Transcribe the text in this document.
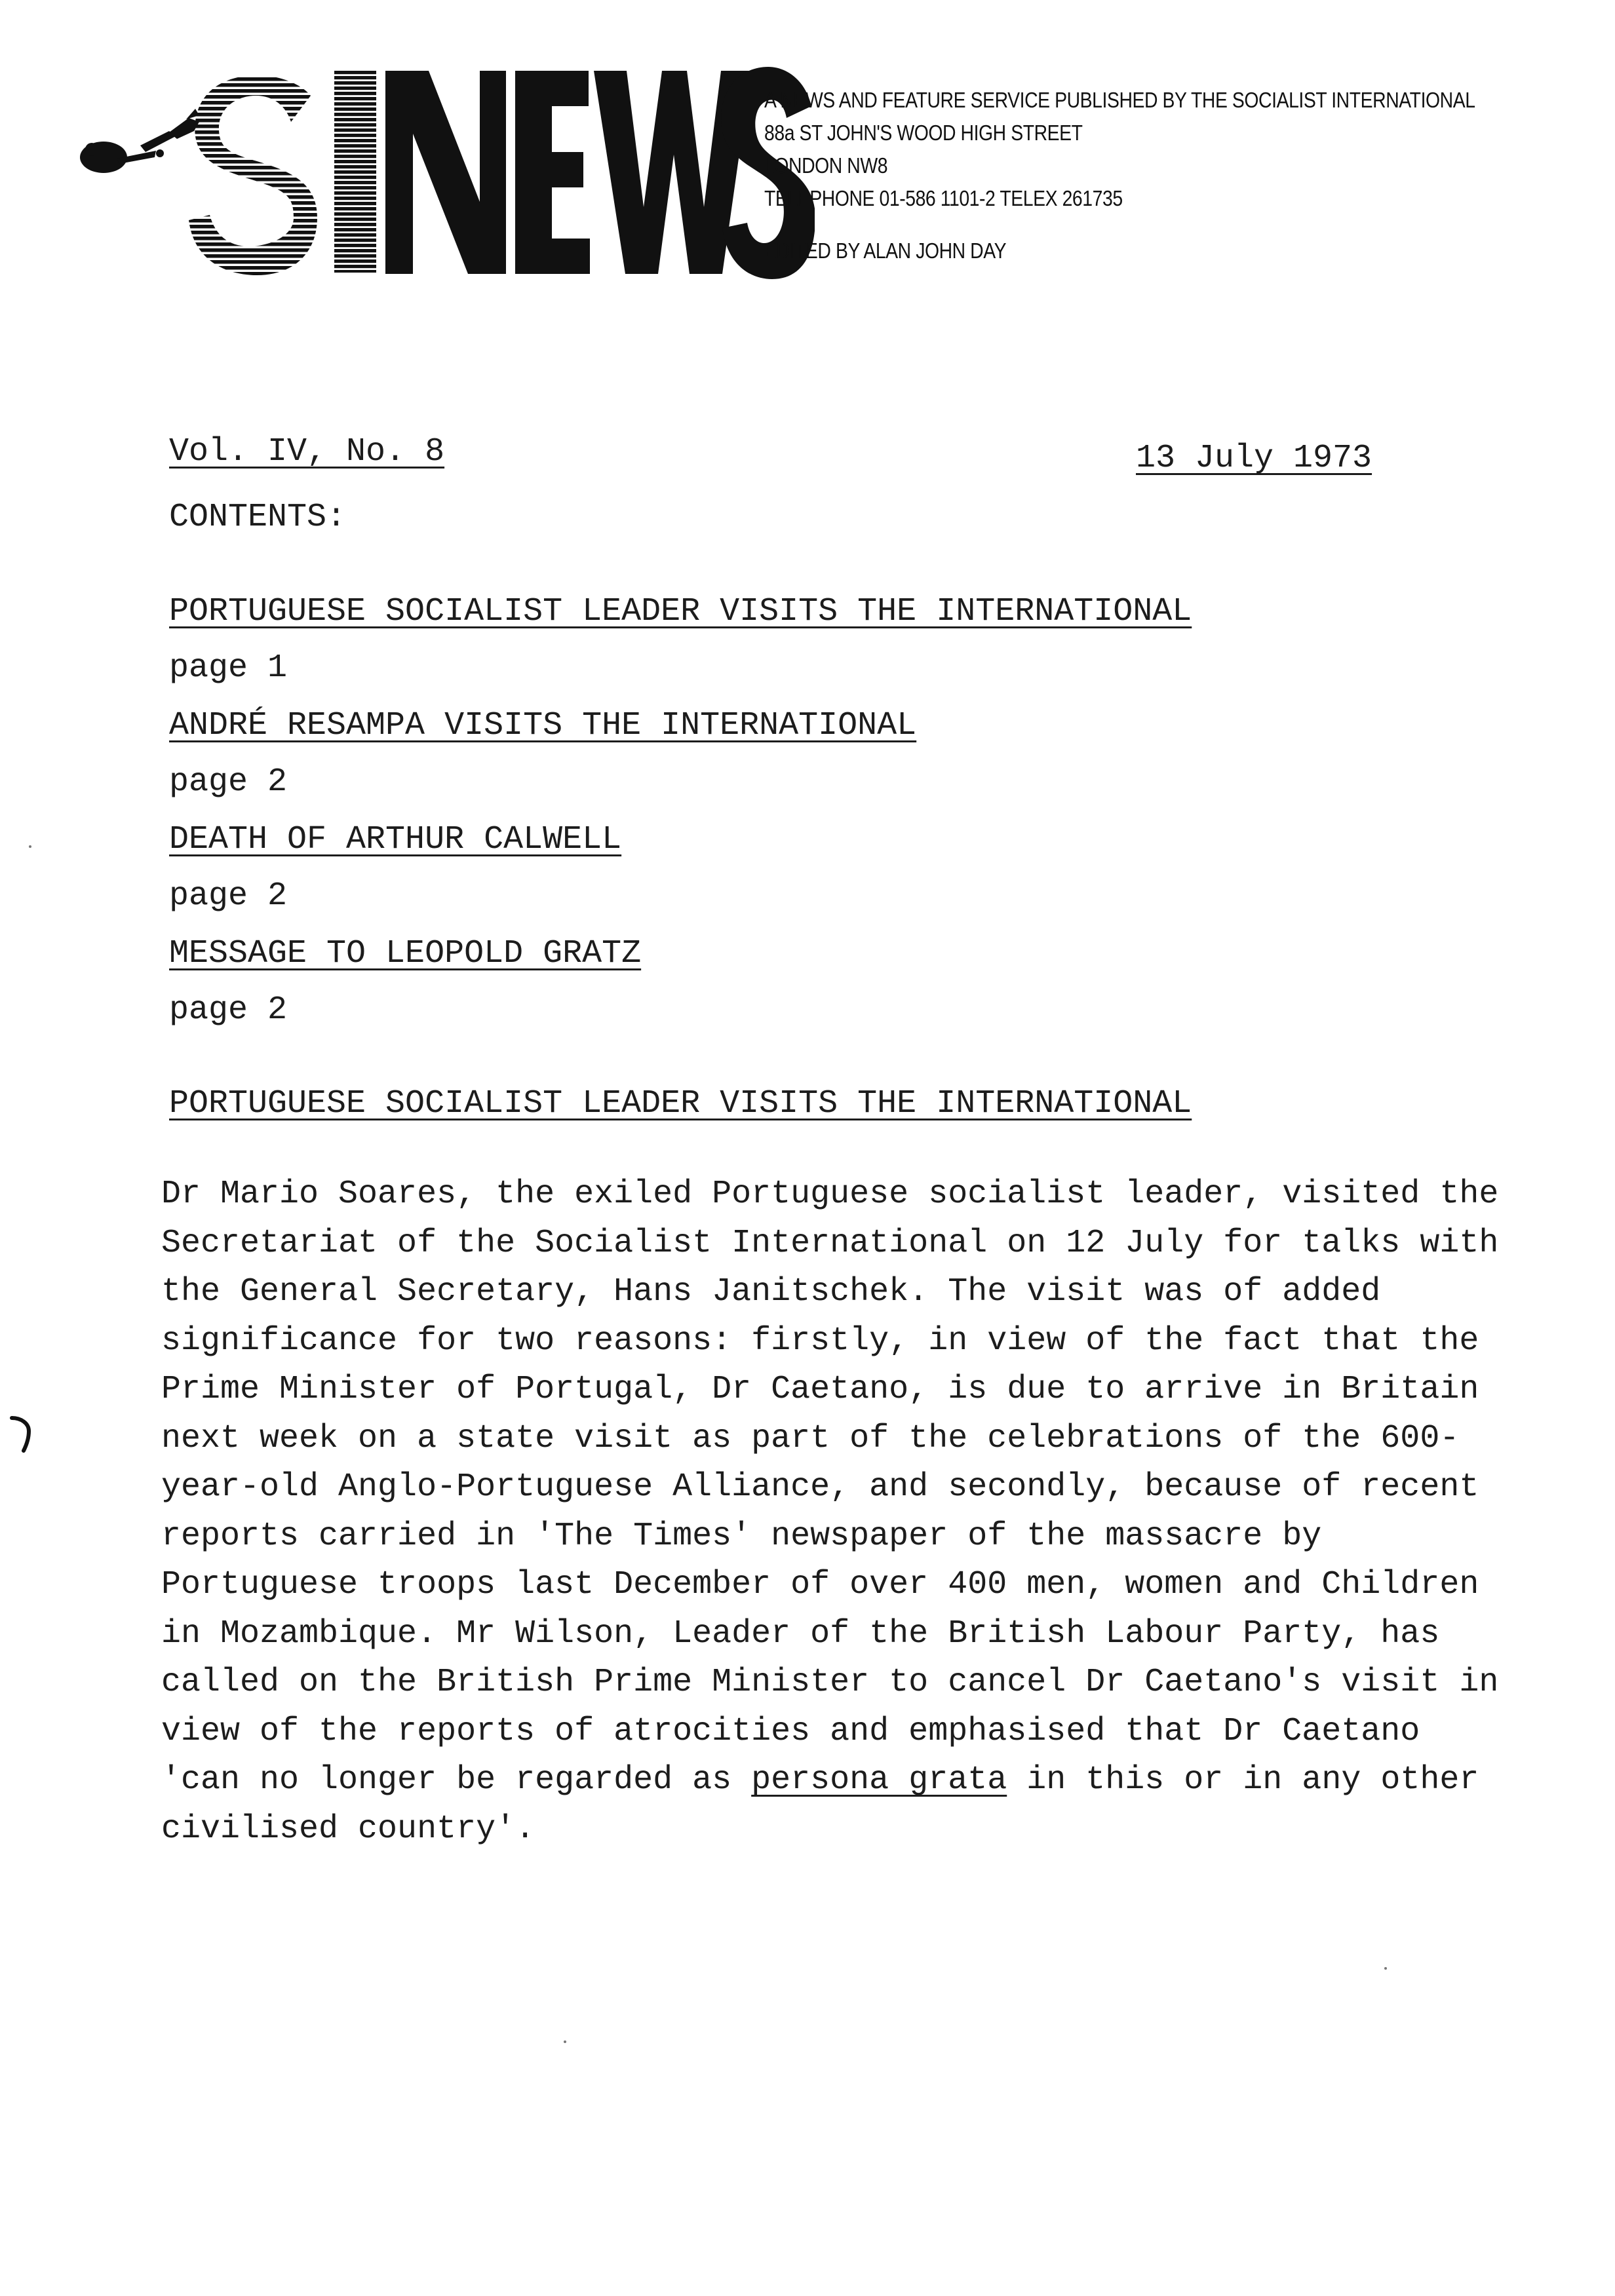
A NEWS AND FEATURE SERVICE PUBLISHED BY THE SOCIALIST INTERNATIONAL
88a ST JOHN'S WOOD HIGH STREET
LONDON NW8
TELEPHONE 01-586 1101-2 TELEX 261735
EDITED BY ALAN JOHN DAY
Vol. IV, No. 8	13 July 1973
CONTENTS:
PORTUGUESE SOCIALIST LEADER VISITS THE INTERNATIONAL
page 1
ANDRÉ RESAMPA VISITS THE INTERNATIONAL
page 2
DEATH OF ARTHUR CALWELL
page 2
MESSAGE TO LEOPOLD GRATZ
page 2
PORTUGUESE SOCIALIST LEADER VISITS THE INTERNATIONAL
Dr Mario Soares, the exiled Portuguese socialist leader, visited the
Secretariat of the Socialist International on 12 July for talks with
the General Secretary, Hans Janitschek. The visit was of added
significance for two reasons: firstly, in view of the fact that the
Prime Minister of Portugal, Dr Caetano, is due to arrive in Britain
next week on a state visit as part of the celebrations of the 600-
year-old Anglo-Portuguese Alliance, and secondly, because of recent
reports carried in 'The Times' newspaper of the massacre by
Portuguese troops last December of over 400 men, women and Children
in Mozambique. Mr Wilson, Leader of the British Labour Party, has
called on the British Prime Minister to cancel Dr Caetano's visit in
view of the reports of atrocities and emphasised that Dr Caetano
'can no longer be regarded as persona grata in this or in any other
civilised country'.
